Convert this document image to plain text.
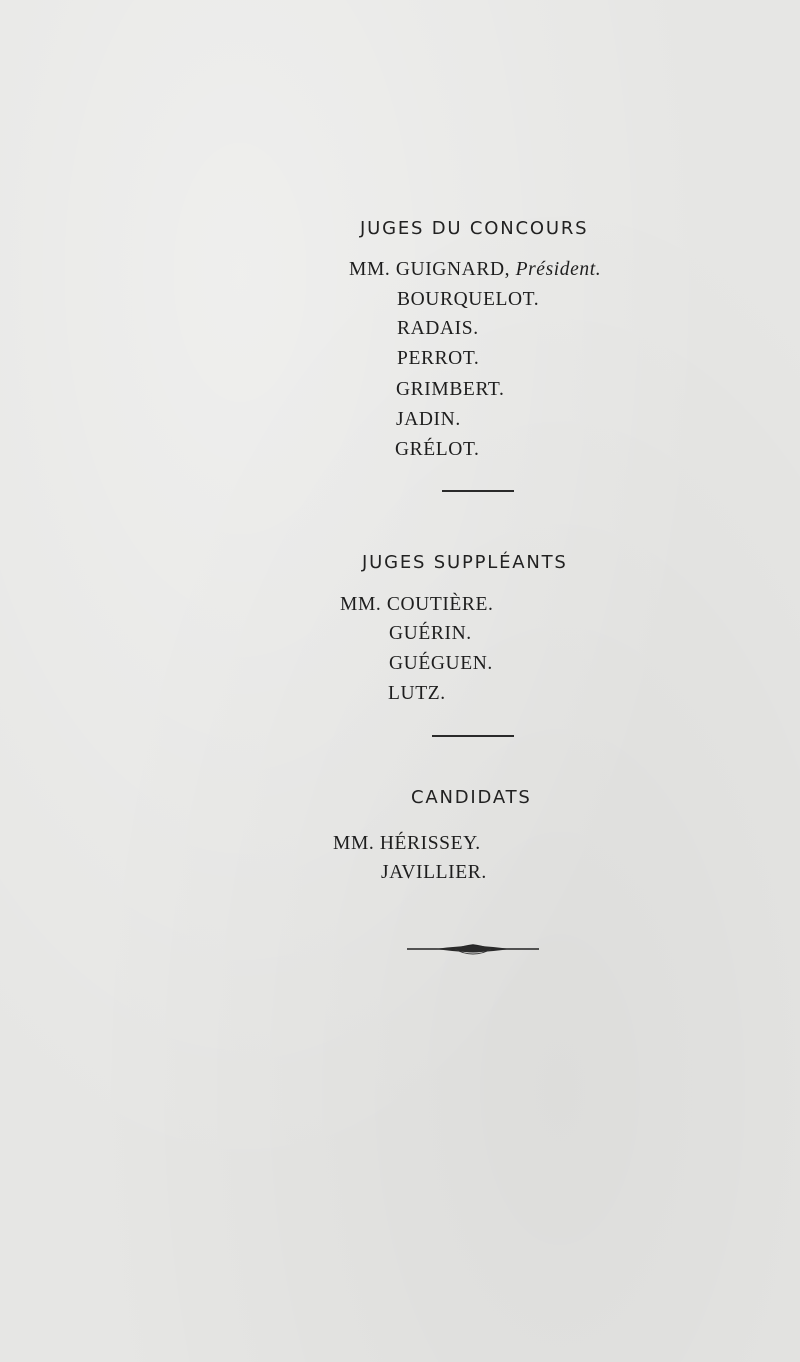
JUGES DU CONCOURS
MM. GUIGNARD, Président.
BOURQUELOT.
RADAIS.
PERROT.
GRIMBERT.
JADIN.
GRÉLOT.
JUGES SUPPLÉANTS
MM. COUTIÈRE.
GUÉRIN.
GUÉGUEN.
LUTZ.
CANDIDATS
MM. HÉRISSEY.
JAVILLIER.
